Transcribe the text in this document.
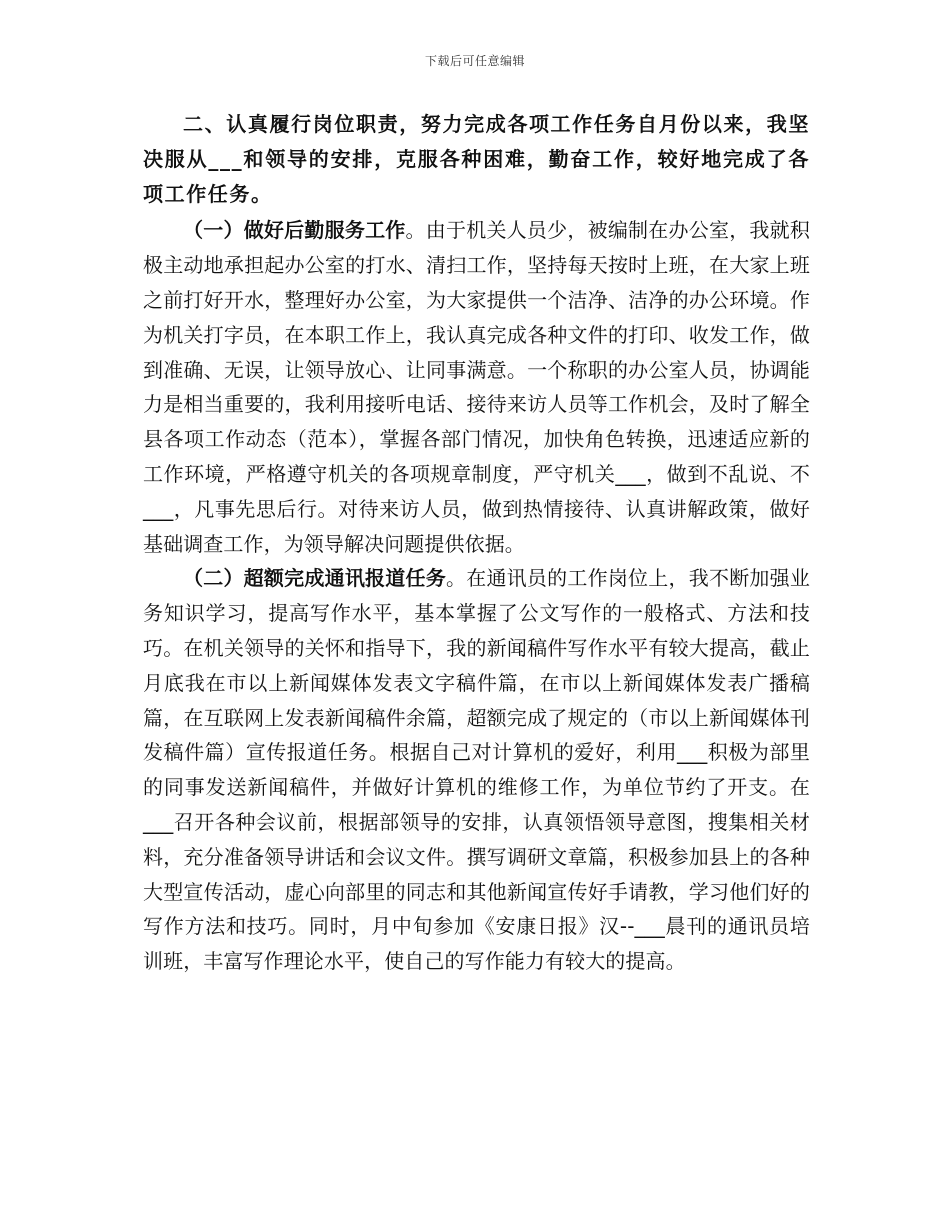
下载后可任意编辑

二、认真履行岗位职责，努力完成各项工作任务自月份以来，我坚决服从___和领导的安排，克服各种困难，勤奋工作，较好地完成了各项工作任务。

（一）做好后勤服务工作。由于机关人员少，被编制在办公室，我就积极主动地承担起办公室的打水、清扫工作，坚持每天按时上班，在大家上班之前打好开水，整理好办公室，为大家提供一个洁净、洁净的办公环境。作为机关打字员，在本职工作上，我认真完成各种文件的打印、收发工作，做到准确、无误，让领导放心、让同事满意。一个称职的办公室人员，协调能力是相当重要的，我利用接听电话、接待来访人员等工作机会，及时了解全县各项工作动态（范本），掌握各部门情况，加快角色转换，迅速适应新的工作环境，严格遵守机关的各项规章制度，严守机关___，做到不乱说、不___，凡事先思后行。对待来访人员，做到热情接待、认真讲解政策，做好基础调查工作，为领导解决问题提供依据。

（二）超额完成通讯报道任务。在通讯员的工作岗位上，我不断加强业务知识学习，提高写作水平，基本掌握了公文写作的一般格式、方法和技巧。在机关领导的关怀和指导下，我的新闻稿件写作水平有较大提高，截止月底我在市以上新闻媒体发表文字稿件篇，在市以上新闻媒体发表广播稿篇，在互联网上发表新闻稿件余篇，超额完成了规定的（市以上新闻媒体刊发稿件篇）宣传报道任务。根据自己对计算机的爱好，利用___积极为部里的同事发送新闻稿件，并做好计算机的维修工作，为单位节约了开支。在___召开各种会议前，根据部领导的安排，认真领悟领导意图，搜集相关材料，充分准备领导讲话和会议文件。撰写调研文章篇，积极参加县上的各种大型宣传活动，虚心向部里的同志和其他新闻宣传好手请教，学习他们好的写作方法和技巧。同时，月中旬参加《安康日报》汉--___晨刊的通讯员培训班，丰富写作理论水平，使自己的写作能力有较大的提高。
